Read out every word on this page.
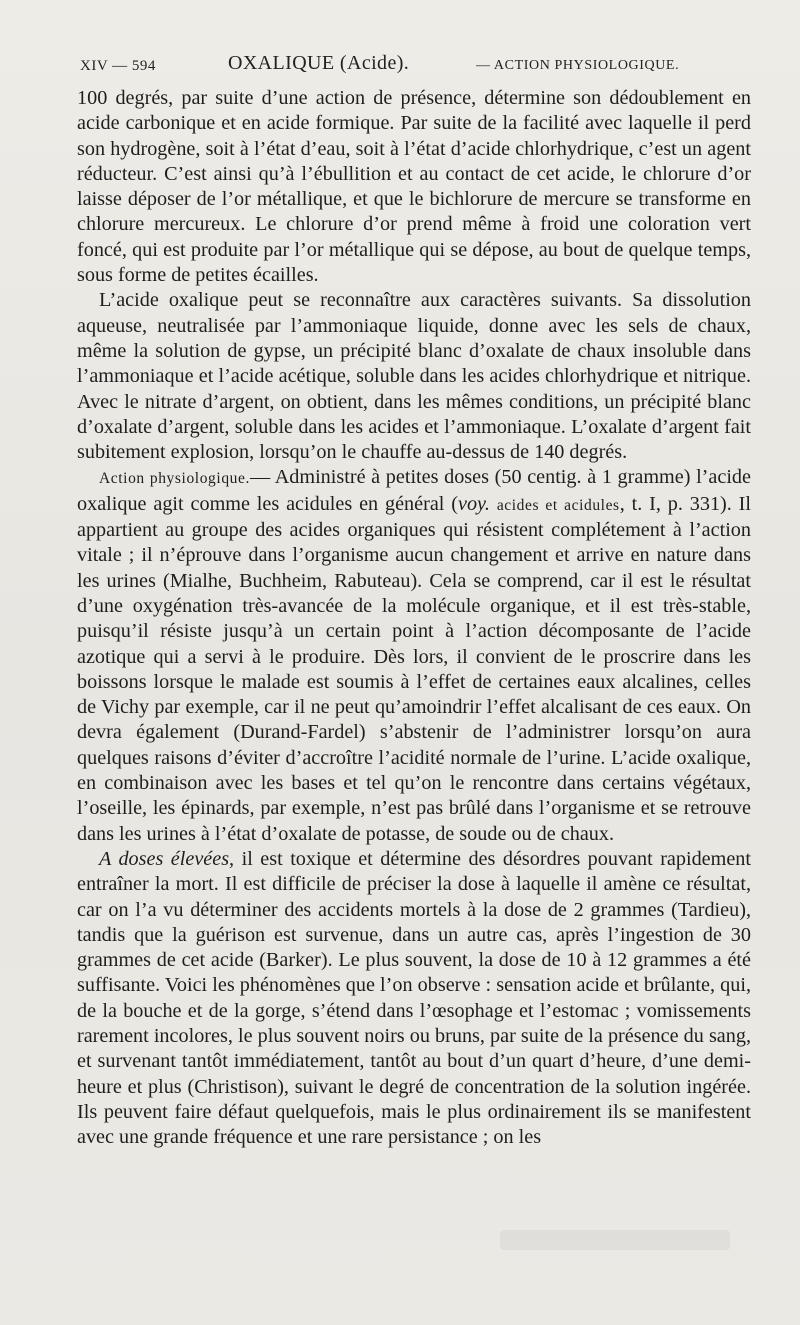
XIV — 594	OXALIQUE (Acide).	— ACTION PHYSIOLOGIQUE.

100 degrés, par suite d’une action de présence, détermine son dédoublement en acide carbonique et en acide formique. Par suite de la facilité avec laquelle il perd son hydrogène, soit à l’état d’eau, soit à l’état d’acide chlorhydrique, c’est un agent réducteur. C’est ainsi qu’à l’ébullition et au contact de cet acide, le chlorure d’or laisse déposer de l’or métallique, et que le bichlorure de mercure se transforme en chlorure mercureux. Le chlorure d’or prend même à froid une coloration vert foncé, qui est produite par l’or métallique qui se dépose, au bout de quelque temps, sous forme de petites écailles.

L’acide oxalique peut se reconnaître aux caractères suivants. Sa dissolution aqueuse, neutralisée par l’ammoniaque liquide, donne avec les sels de chaux, même la solution de gypse, un précipité blanc d’oxalate de chaux insoluble dans l’ammoniaque et l’acide acétique, soluble dans les acides chlorhydrique et nitrique. Avec le nitrate d’argent, on obtient, dans les mêmes conditions, un précipité blanc d’oxalate d’argent, soluble dans les acides et l’ammoniaque. L’oxalate d’argent fait subitement explosion, lorsqu’on le chauffe au-dessus de 140 degrés.

Action physiologique.— Administré à petites doses (50 centig. à 1 gramme) l’acide oxalique agit comme les acidules en général (voy. acides et acidules, t. I, p. 331). Il appartient au groupe des acides organiques qui résistent complétement à l’action vitale ; il n’éprouve dans l’organisme aucun changement et arrive en nature dans les urines (Mialhe, Buchheim, Rabuteau). Cela se comprend, car il est le résultat d’une oxygénation très-avancée de la molécule organique, et il est très-stable, puisqu’il résiste jusqu’à un certain point à l’action décomposante de l’acide azotique qui a servi à le produire. Dès lors, il convient de le proscrire dans les boissons lorsque le malade est soumis à l’effet de certaines eaux alcalines, celles de Vichy par exemple, car il ne peut qu’amoindrir l’effet alcalisant de ces eaux. On devra également (Durand-Fardel) s’abstenir de l’administrer lorsqu’on aura quelques raisons d’éviter d’accroître l’acidité normale de l’urine. L’acide oxalique, en combinaison avec les bases et tel qu’on le rencontre dans certains végétaux, l’oseille, les épinards, par exemple, n’est pas brûlé dans l’organisme et se retrouve dans les urines à l’état d’oxalate de potasse, de soude ou de chaux.

A doses élevées, il est toxique et détermine des désordres pouvant rapidement entraîner la mort. Il est difficile de préciser la dose à laquelle il amène ce résultat, car on l’a vu déterminer des accidents mortels à la dose de 2 grammes (Tardieu), tandis que la guérison est survenue, dans un autre cas, après l’ingestion de 30 grammes de cet acide (Barker). Le plus souvent, la dose de 10 à 12 grammes a été suffisante. Voici les phénomènes que l’on observe : sensation acide et brûlante, qui, de la bouche et de la gorge, s’étend dans l’œsophage et l’estomac ; vomissements rarement incolores, le plus souvent noirs ou bruns, par suite de la présence du sang, et survenant tantôt immédiatement, tantôt au bout d’un quart d’heure, d’une demi-heure et plus (Christison), suivant le degré de concentration de la solution ingérée. Ils peuvent faire défaut quelquefois, mais le plus ordinairement ils se manifestent avec une grande fréquence et une rare persistance ; on les
